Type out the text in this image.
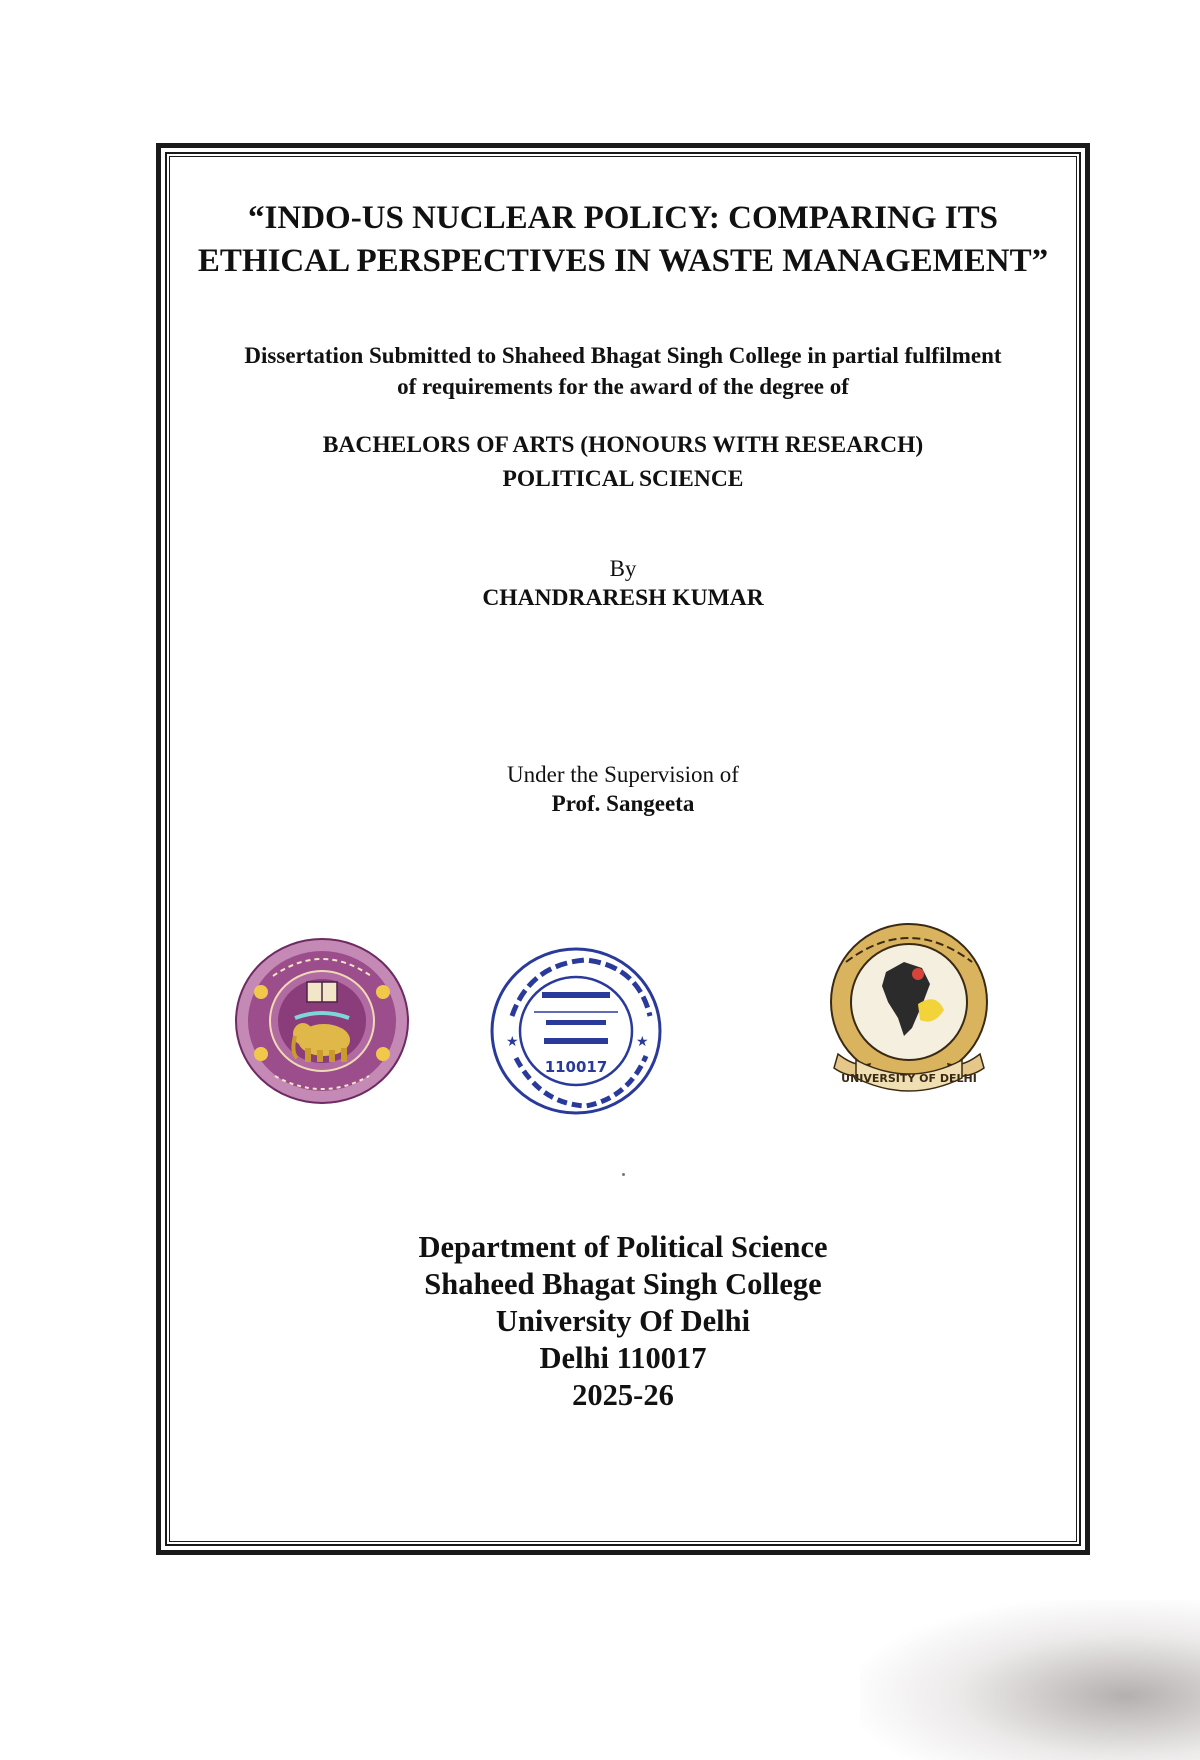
“INDO-US NUCLEAR POLICY: COMPARING ITS

ETHICAL PERSPECTIVES IN WASTE MANAGEMENT”

Dissertation Submitted to Shaheed Bhagat Singh College in partial fulfilment

of requirements for the award of the degree of

BACHELORS OF ARTS (HONOURS WITH RESEARCH)

POLITICAL SCIENCE

By

CHANDRARESH KUMAR

Under the Supervision of

Prof. Sangeeta

★	★
110017
UNIVERSITY OF DELHI

Department of Political Science

Shaheed Bhagat Singh College

University Of Delhi

Delhi 110017

2025-26
